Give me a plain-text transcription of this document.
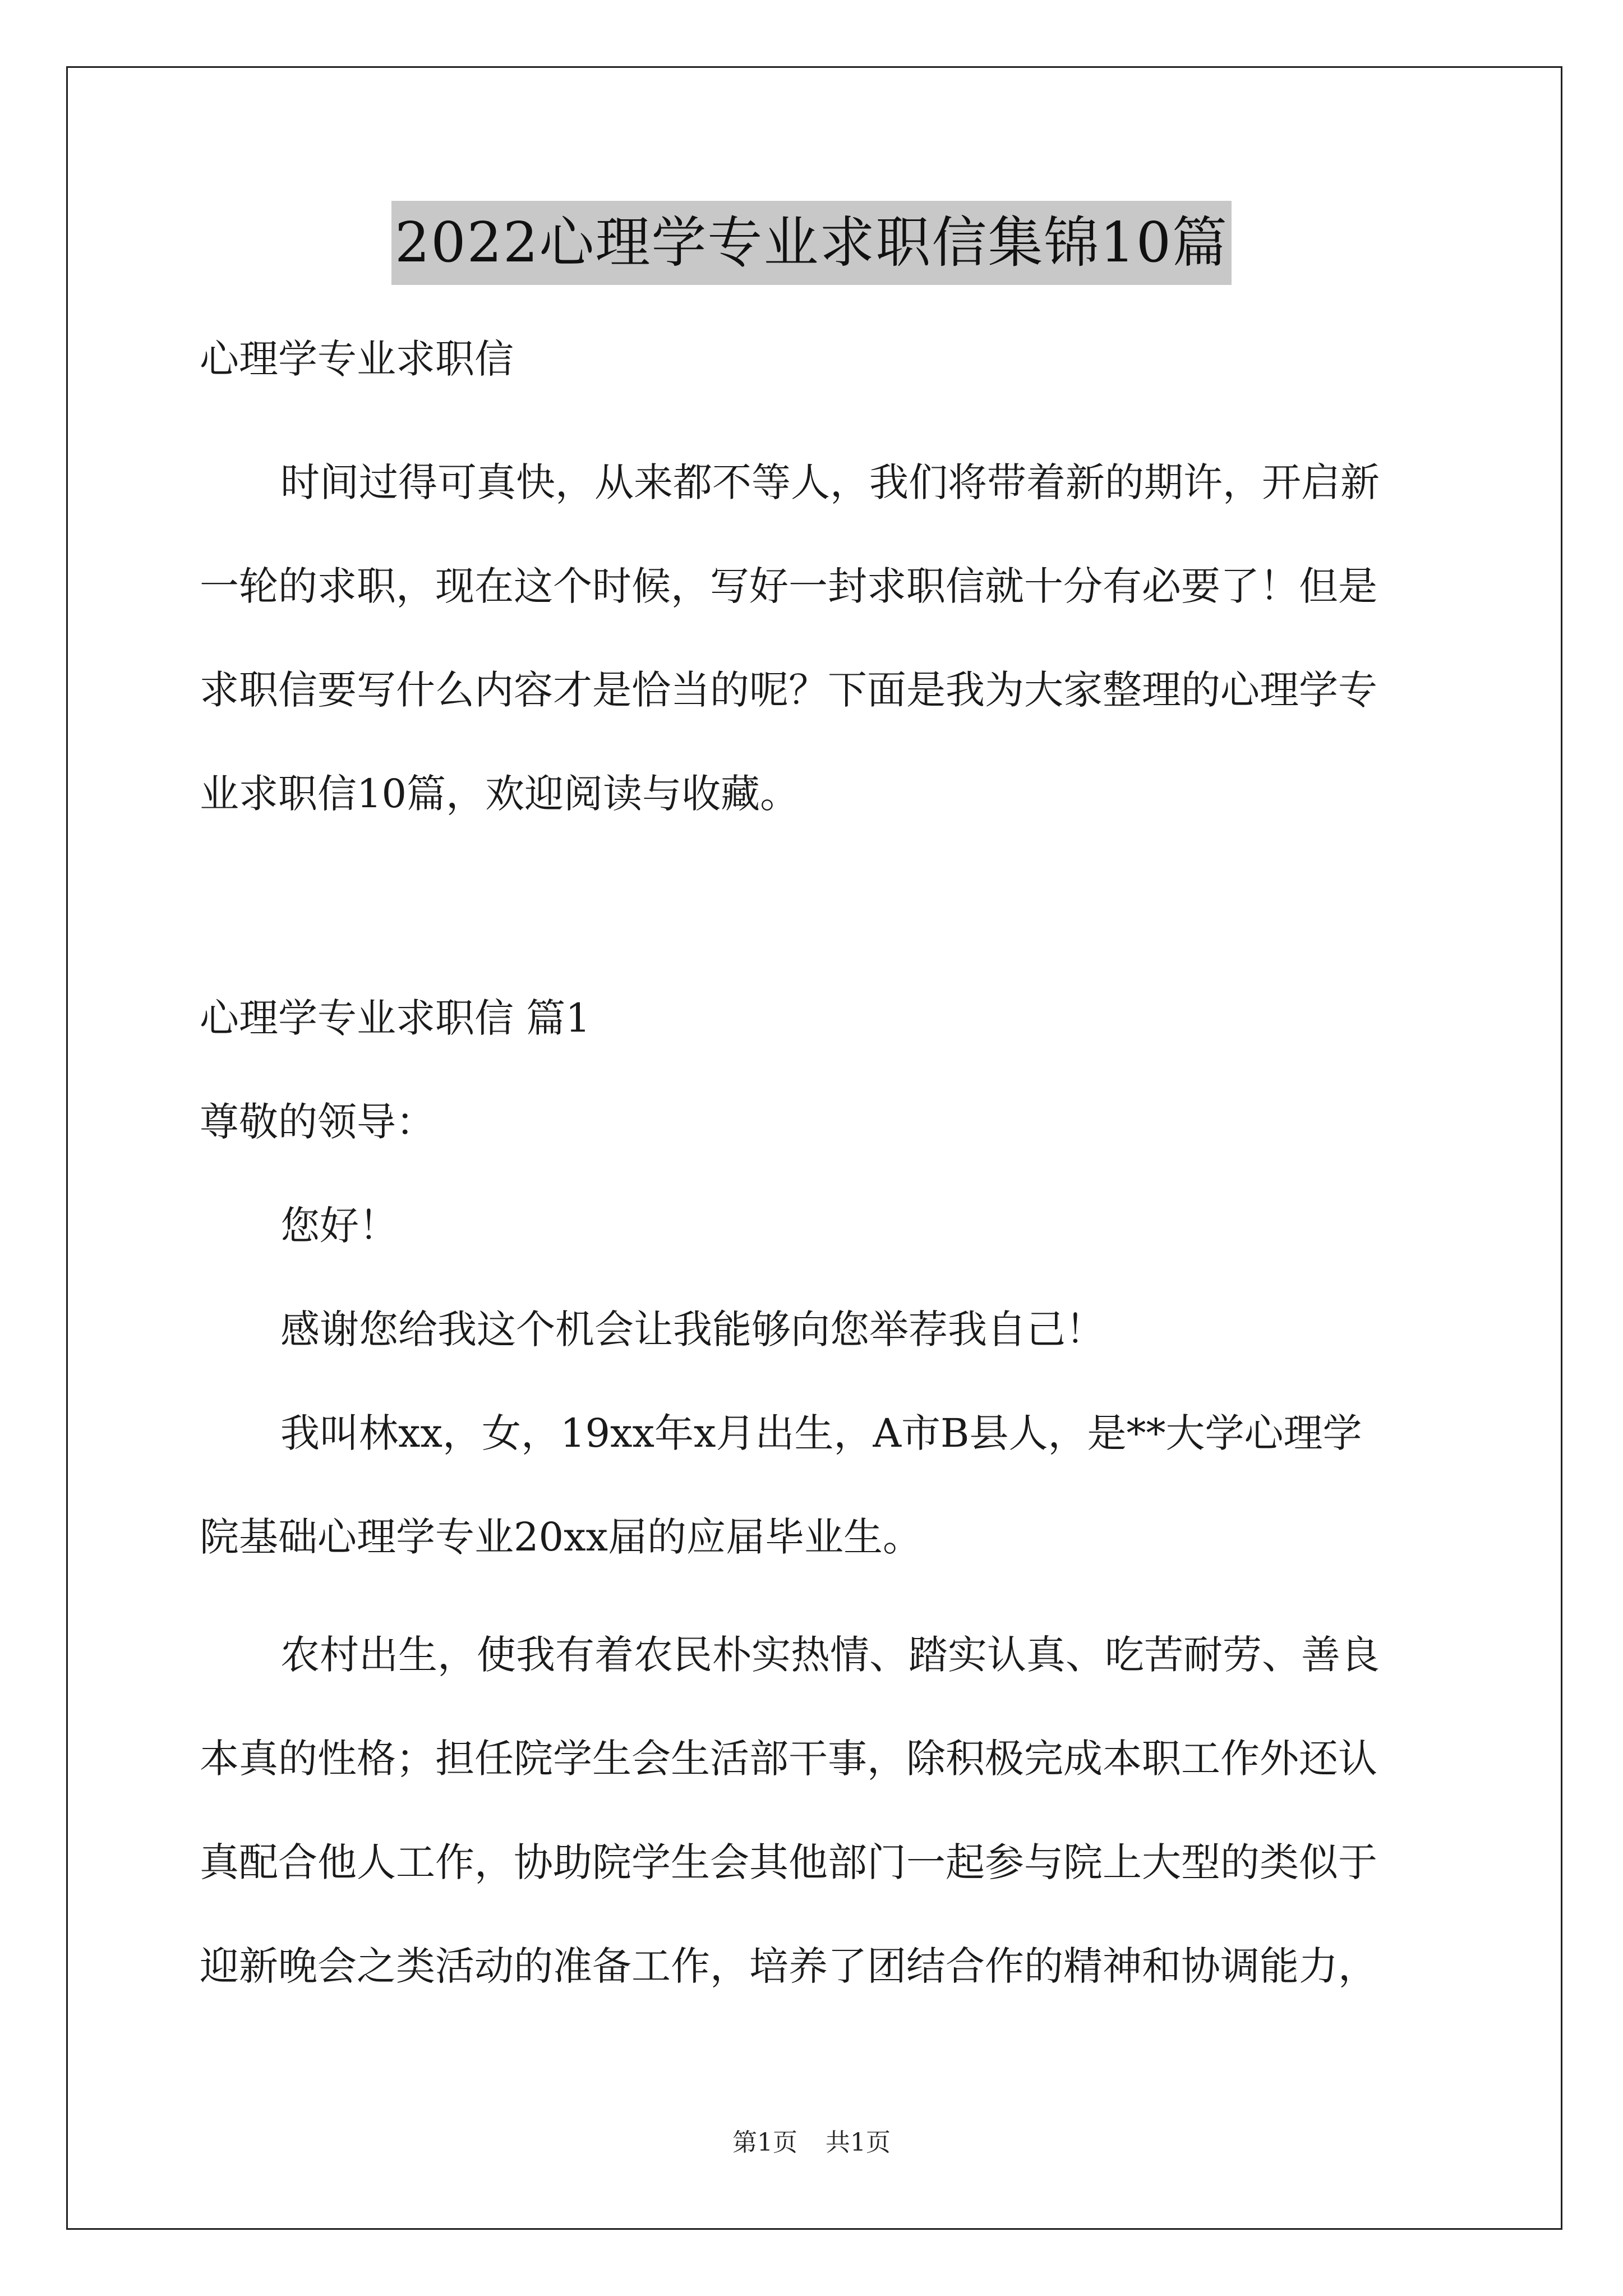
2022心理学专业求职信集锦10篇
心理学专业求职信
时间过得可真快，从来都不等人，我们将带着新的期许，开启新
一轮的求职，现在这个时候，写好一封求职信就十分有必要了！但是
求职信要写什么内容才是恰当的呢？下面是我为大家整理的心理学专
业求职信10篇，欢迎阅读与收藏。
心理学专业求职信 篇1
尊敬的领导：
您好！
感谢您给我这个机会让我能够向您举荐我自己！
我叫林xx，女，19xx年x月出生，A市B县人，是**大学心理学
院基础心理学专业20xx届的应届毕业生。
农村出生，使我有着农民朴实热情、踏实认真、吃苦耐劳、善良
本真的性格；担任院学生会生活部干事，除积极完成本职工作外还认
真配合他人工作，协助院学生会其他部门一起参与院上大型的类似于
迎新晚会之类活动的准备工作，培养了团结合作的精神和协调能力，
第1页 共1页
